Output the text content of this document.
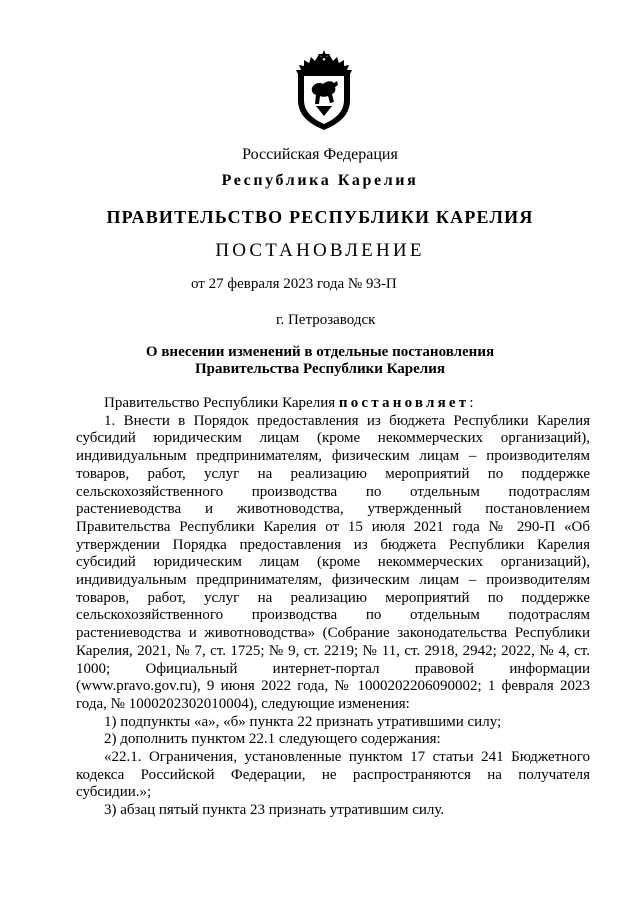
Российская Федерация
Республика Карелия
ПРАВИТЕЛЬСТВО РЕСПУБЛИКИ КАРЕЛИЯ
ПОСТАНОВЛЕНИЕ
от 27 февраля 2023 года № 93-П
г. Петрозаводск
О внесении изменений в отдельные постановления
Правительства Республики Карелия

Правительство Республики Карелия постановляет:

1. Внести в Порядок предоставления из бюджета Республики Карелия субсидий юридическим лицам (кроме некоммерческих организаций), индивидуальным предпринимателям, физическим лицам – производителям товаров, работ, услуг на реализацию мероприятий по поддержке сельскохозяйственного производства по отдельным подотраслям растениеводства и животноводства, утвержденный постановлением Правительства Республики Карелия от 15 июля 2021 года № 290-П «Об утверждении Порядка предоставления из бюджета Республики Карелия субсидий юридическим лицам (кроме некоммерческих организаций), индивидуальным предпринимателям, физическим лицам – производителям товаров, работ, услуг на реализацию мероприятий по поддержке сельскохозяйственного производства по отдельным подотраслям растениеводства и животноводства» (Собрание законодательства Республики Карелия, 2021, № 7, ст. 1725; № 9, ст. 2219; № 11, ст. 2918, 2942; 2022, № 4, ст. 1000; Официальный интернет-портал правовой информации (www.pravo.gov.ru), 9 июня 2022 года, № 1000202206090002; 1 февраля 2023 года, № 1000202302010004), следующие изменения:

1) подпункты «а», «б» пункта 22 признать утратившими силу;

2) дополнить пунктом 22.1 следующего содержания:

«22.1. Ограничения, установленные пунктом 17 статьи 241 Бюджетного кодекса Российской Федерации, не распространяются на получателя субсидии.»;

3) абзац пятый пункта 23 признать утратившим силу.
